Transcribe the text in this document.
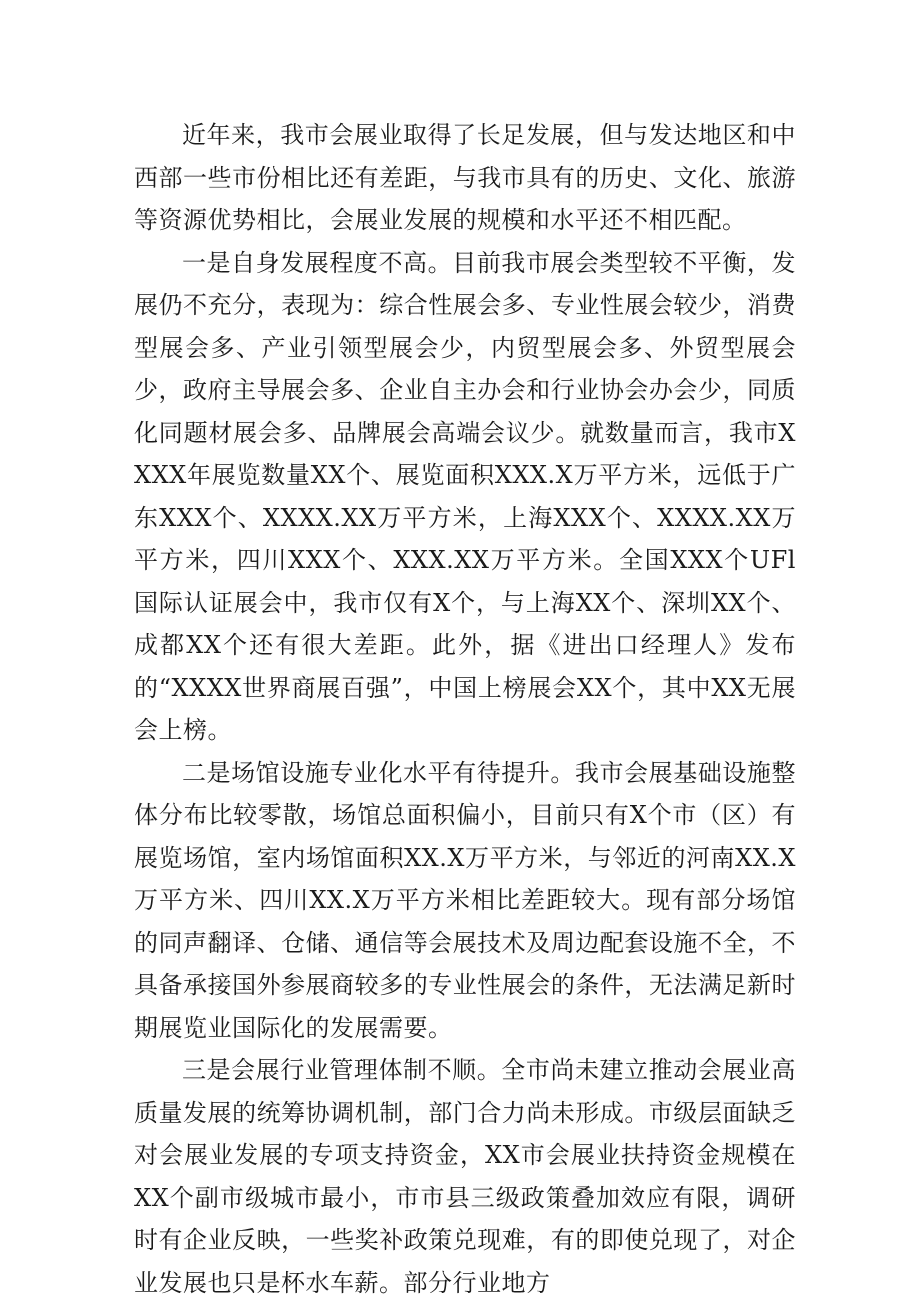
近年来，我市会展业取得了长足发展，但与发达地区和中西部一些市份相比还有差距，与我市具有的历史、文化、旅游等资源优势相比，会展业发展的规模和水平还不相匹配。

一是自身发展程度不高。目前我市展会类型较不平衡，发展仍不充分，表现为：综合性展会多、专业性展会较少，消费型展会多、产业引领型展会少，内贸型展会多、外贸型展会少，政府主导展会多、企业自主办会和行业协会办会少，同质化同题材展会多、品牌展会高端会议少。就数量而言，我市XXXX年展览数量XX个、展览面积XXX.X万平方米，远低于广东XXX个、XXXX.XX万平方米，上海XXX个、XXXX.XX万平方米，四川XXX个、XXX.XX万平方米。全国XXX个UFl国际认证展会中，我市仅有X个，与上海XX个、深圳XX个、成都XX个还有很大差距。此外，据《进出口经理人》发布的“XXXX世界商展百强”，中国上榜展会XX个，其中XX无展会上榜。

二是场馆设施专业化水平有待提升。我市会展基础设施整体分布比较零散，场馆总面积偏小，目前只有X个市（区）有展览场馆，室内场馆面积XX.X万平方米，与邻近的河南XX.X万平方米、四川XX.X万平方米相比差距较大。现有部分场馆的同声翻译、仓储、通信等会展技术及周边配套设施不全，不具备承接国外参展商较多的专业性展会的条件，无法满足新时期展览业国际化的发展需要。

三是会展行业管理体制不顺。全市尚未建立推动会展业高质量发展的统筹协调机制，部门合力尚未形成。市级层面缺乏对会展业发展的专项支持资金，XX市会展业扶持资金规模在XX个副市级城市最小，市市县三级政策叠加效应有限，调研时有企业反映，一些奖补政策兑现难，有的即使兑现了，对企业发展也只是杯水车薪。部分行业地方
